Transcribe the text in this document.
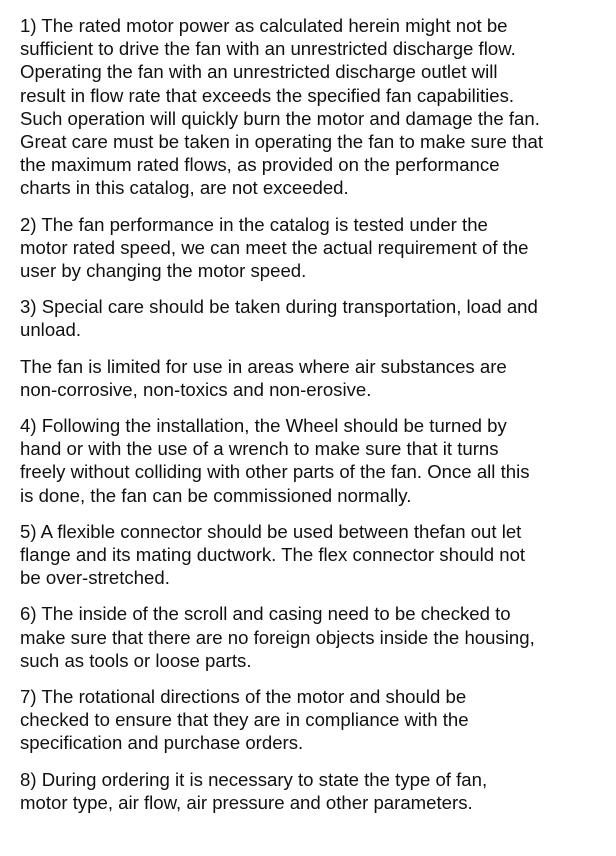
1) The rated motor power as calculated herein might not be
sufficient to drive the fan with an unrestricted discharge flow.
Operating the fan with an unrestricted discharge outlet will
result in flow rate that exceeds the specified fan capabilities.
Such operation will quickly burn the motor and damage the fan.
Great care must be taken in operating the fan to make sure that
the maximum rated flows, as provided on the performance
charts in this catalog, are not exceeded.
2) The fan performance in the catalog is tested under the
motor rated speed, we can meet the actual requirement of the
user by changing the motor speed.
3) Special care should be taken during transportation, load and
unload.
The fan is limited for use in areas where air substances are
non-corrosive, non-toxics and non-erosive.
4) Following the installation, the Wheel should be turned by
hand or with the use of a wrench to make sure that it turns
freely without colliding with other parts of the fan. Once all this
is done, the fan can be commissioned normally.
5) A flexible connector should be used between thefan out let
flange and its mating ductwork. The flex connector should not
be over-stretched.
6) The inside of the scroll and casing need to be checked to
make sure that there are no foreign objects inside the housing,
such as tools or loose parts.
7) The rotational directions of the motor and should be
checked to ensure that they are in compliance with the
specification and purchase orders.
8) During ordering it is necessary to state the type of fan,
motor type, air flow, air pressure and other parameters.
